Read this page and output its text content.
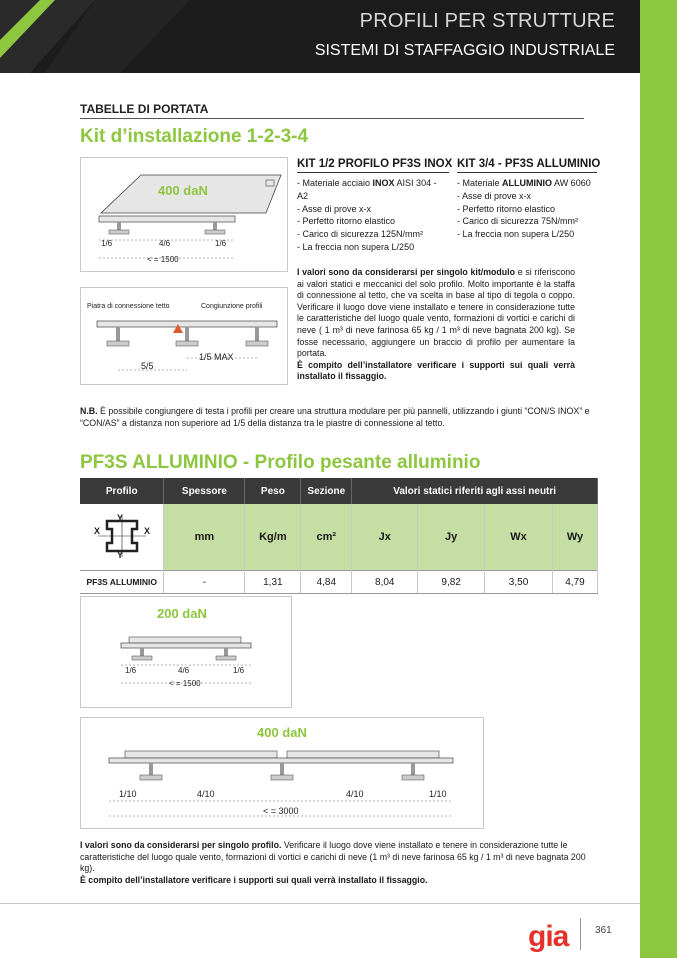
PROFILI PER STRUTTURE
SISTEMI DI STAFFAGGIO INDUSTRIALE
TABELLE DI PORTATA
Kit d’installazione 1-2-3-4
400 daN
1/6	4/6	1/6
< = 1500
Piatra di connessione tetto	Congiunzione profili
1/5 MAX
5/5
KIT 1/2 PROFILO PF3S INOX
- Materiale acciaio INOX AISI 304 - A2
- Asse di prove x-x
- Perfetto ritorno elastico
- Carico di sicurezza 125N/mm²
- La freccia non supera L/250
KIT 3/4 - PF3S ALLUMINIO
- Materiale ALLUMINIO AW 6060
- Asse di prove x-x
- Perfetto ritorno elastico
- Carico di sicurezza 75N/mm²
- La freccia non supera L/250
I valori sono da considerarsi per singolo kit/modulo e si riferiscono ai valori statici e meccanici del solo profilo. Molto importante è la staffa di connessione al tetto, che va scelta in base al tipo di tegola o coppo. Verificare il luogo dove viene installato e tenere in considerazione tutte le caratteristiche del luogo quale vento, formazioni di vortici e carichi di neve ( 1 m³ di neve farinosa 65 kg / 1 m³ di neve bagnata 200 kg). Se fosse necessario, aggiungere un braccio di profilo per aumentare la portata.
È compito dell’installatore verificare i supporti sui quali verrà installato il fissaggio.
N.B. È possibile congiungere di testa i profili per creare una struttura modulare per più pannelli, utilizzando i giunti “CON/S INOX” e “CON/AS” a distanza non superiore ad 1/5 della distanza tra le piastre di connessione al tetto.
PF3S ALLUMINIO - Profilo pesante alluminio
Profilo	Spessore	Peso	Sezione	Valori statici riferiti agli assi neutri			

X X
Y
Y	mm	Kg/m	cm²	Jx	Jy	Wx	Wy
PF3S ALLUMINIO	-	1,31	4,84	8,04	9,82	3,50	4,79
200 daN
1/6	4/6	1/6
< = 1500
400 daN
1/10	4/10	4/10	1/10
< = 3000
I valori sono da considerarsi per singolo profilo. Verificare il luogo dove viene installato e tenere in considerazione tutte le caratteristiche del luogo quale vento, formazioni di vortici e carichi di neve (1 m³ di neve farinosa 65 kg / 1 m³ di neve bagnata 200 kg).
È compito dell’installatore verificare i supporti sui quali verrà installato il fissaggio.
gia	361
